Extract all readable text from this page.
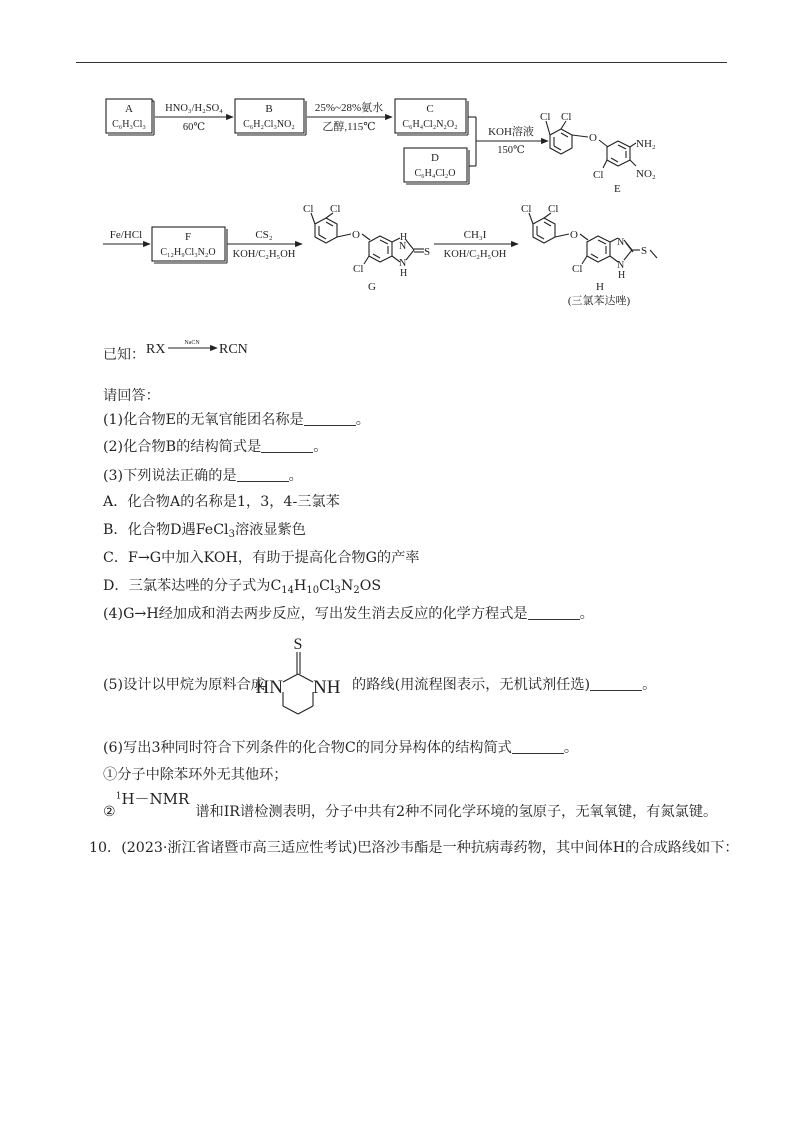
A
C₆H₃Cl₃
HNO₃/H₂SO₄
60℃
B
C₆H₂Cl₃NO₂
25%~28%氨水
乙醇,115℃
C
C₆H₄Cl₂N₂O₂
D
C₆H₄Cl₂O
KOH溶液
150℃
Cl Cl
O	NH₂
NO₂
Cl
E
Fe/HCl	F
C₁₂H₉Cl₃N₂O
CS₂
KOH/C₂H₅OH
Cl Cl
O	H
N
N
H
S
Cl
G
CH₃I
KOH/C₂H₅OH
Cl Cl
O
N
N
H
S
Cl
H
(三氯苯达唑)
已知： RX	NaCN RCN
S
HN NH
请回答：
(1)化合物E的无氧官能团名称是	。
(2)化合物B的结构简式是	。
(3)下列说法正确的是	。
A．化合物A的名称是1，3，4-三氯苯
B．化合物D遇FeCl$_3$溶液显紫色
C．F→G中加入KOH，有助于提高化合物G的产率
D．三氯苯达唑的分子式为$C_{14}H_{10}Cl_3N_2OS$
(4)G→H经加成和消去两步反应，写出发生消去反应的化学方程式是	。
(5)设计以甲烷为原料合成	的路线(用流程图表示，无机试剂任选)	。
(6)写出3种同时符合下列条件的化合物C的同分异构体的结构简式	。
①分子中除苯环外无其他环；
②$^1$H－NMR谱和IR谱检测表明，分子中共有2种不同化学环境的氢原子，无氧氧键，有氮氯键。
10．(2023·浙江省诸暨市高三适应性考试)巴洛沙韦酯是一种抗病毒药物，其中间体H的合成路线如下：
